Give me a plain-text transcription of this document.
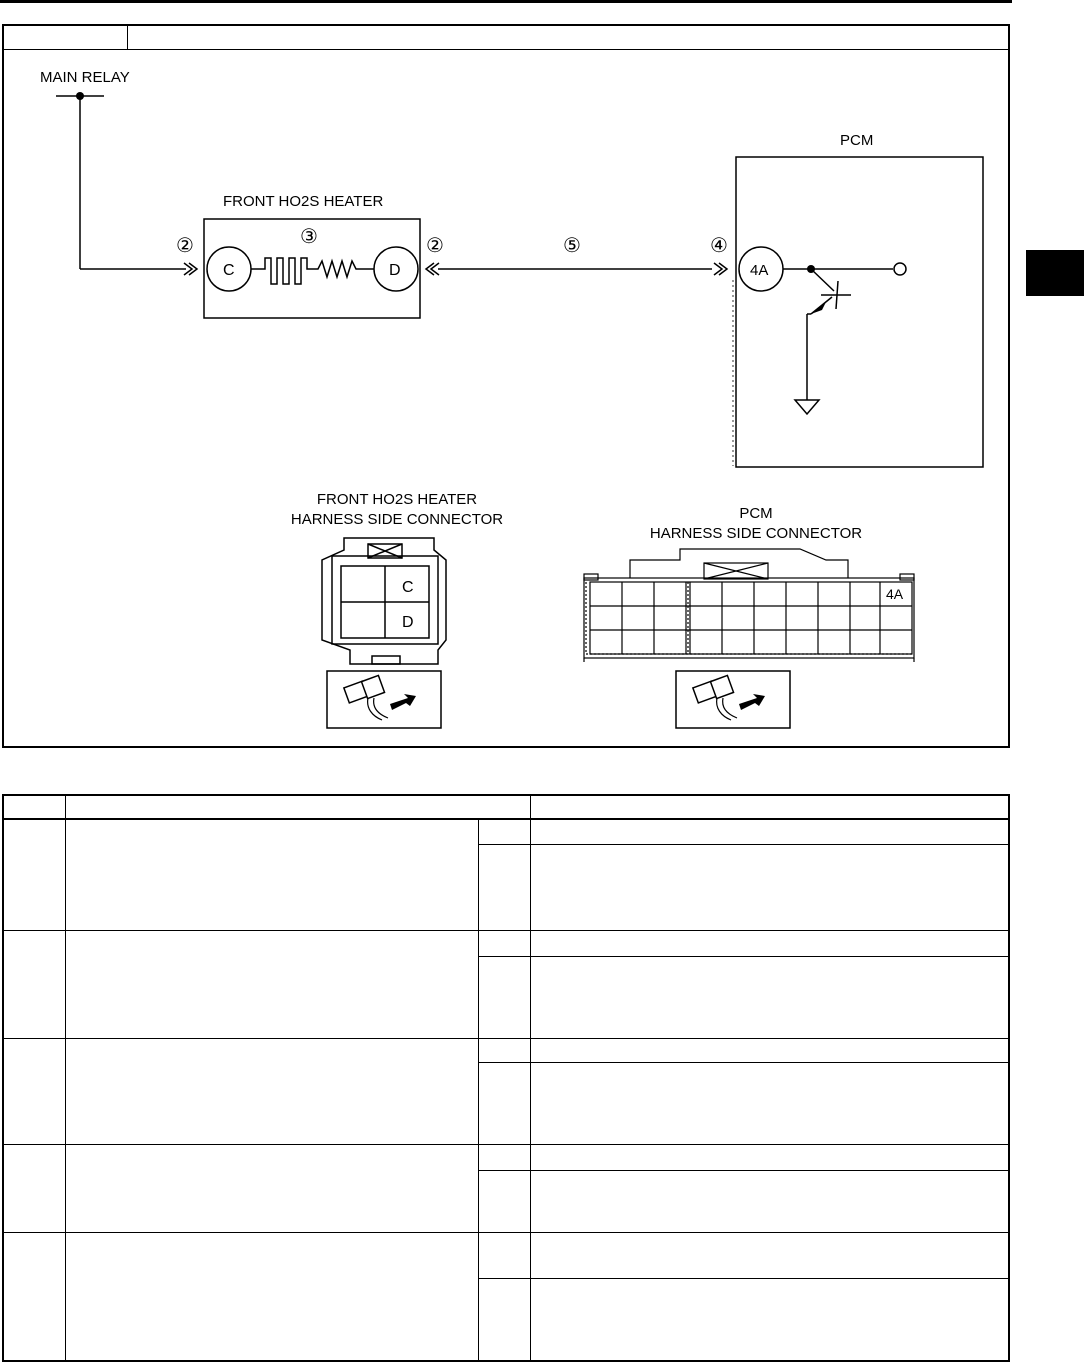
MAIN RELAY
PCM
FRONT HO2S HEATER
C	D	4A
②	③	②	⑤	④
FRONT HO2S HEATER
HARNESS SIDE CONNECTOR
C
D
PCM
HARNESS SIDE CONNECTOR
4A
